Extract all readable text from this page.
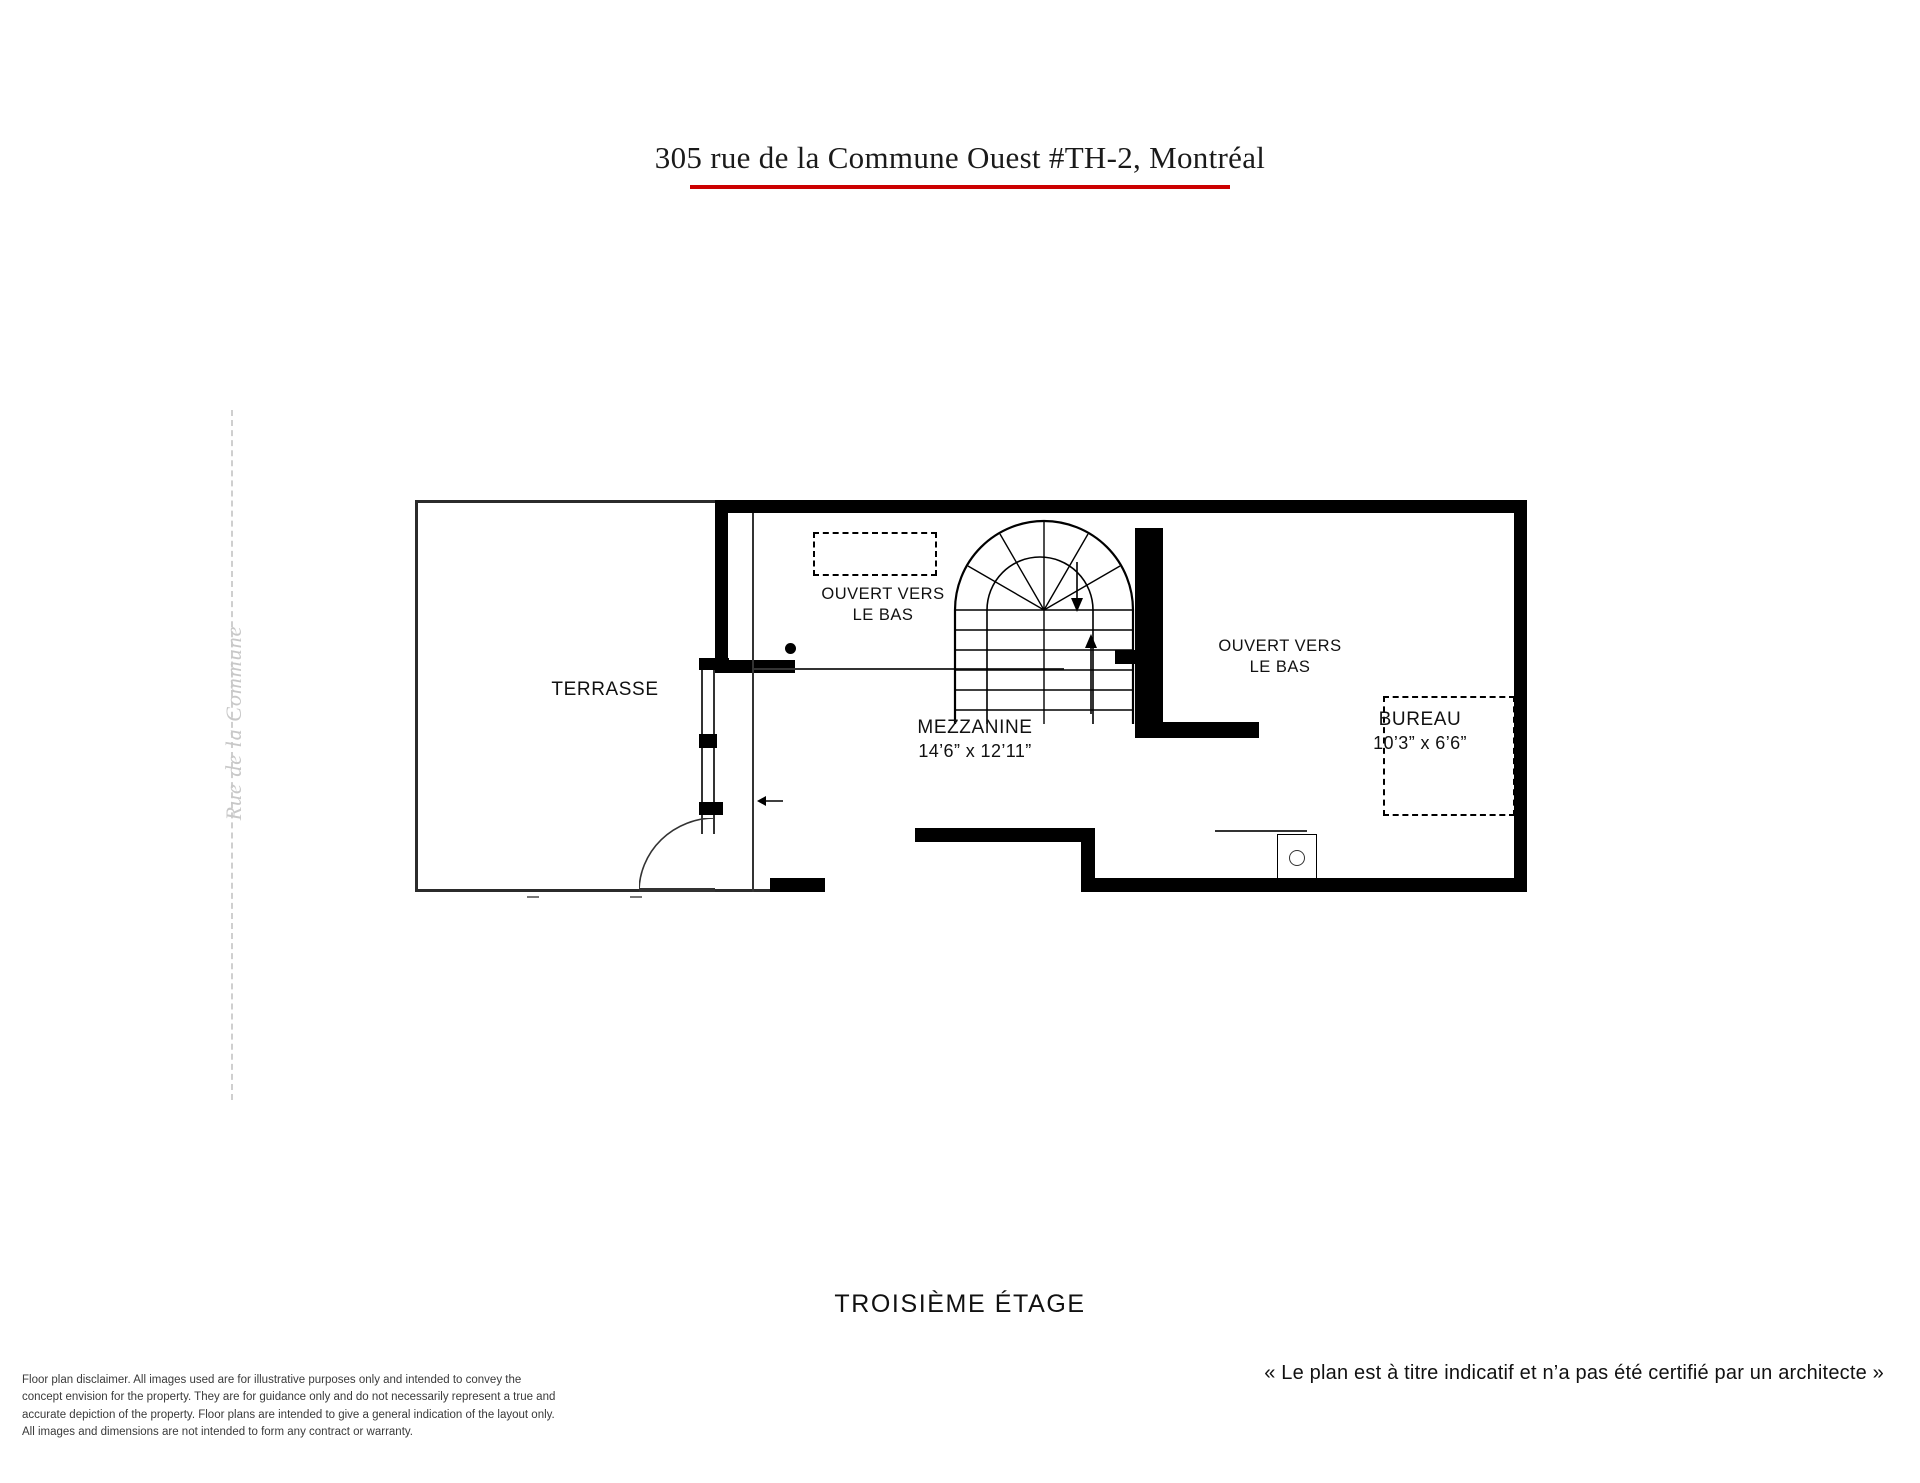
305 rue de la Commune Ouest #TH-2, Montréal
Rue de la Commune	TERRASSE
MEZZANINE
14’6” x 12’11”
BUREAU
10’3” x 6’6”
OUVERT VERS
LE BAS
OUVERT VERS
LE BAS
TROISIÈME ÉTAGE
« Le plan est à titre indicatif et n’a pas été certifié par un architecte »
Floor plan disclaimer. All images used are for illustrative purposes only and intended to convey the
concept envision for the property. They are for guidance only and do not necessarily represent a true and
accurate depiction of the property. Floor plans are intended to give a general indication of the layout only.
All images and dimensions are not intended to form any contract or warranty.
